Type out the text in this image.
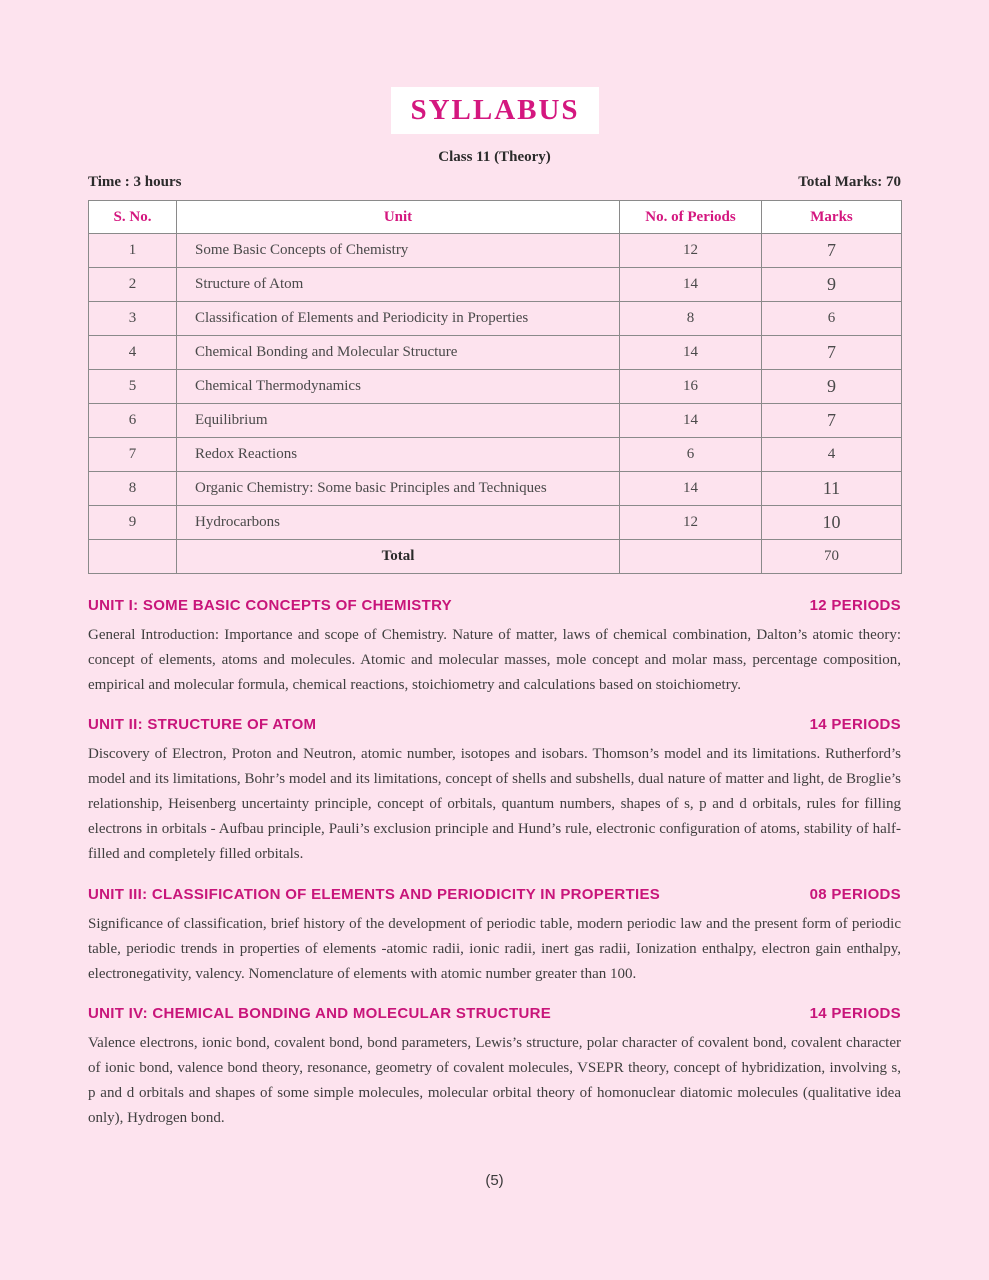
SYLLABUS
Class 11 (Theory)
Time : 3 hours	Total Marks: 70
S. No.	Unit	No. of Periods	Marks
1	Some Basic Concepts of Chemistry	12	7
2	Structure of Atom	14	9
3	Classification of Elements and Periodicity in Properties	8	6
4	Chemical Bonding and Molecular Structure	14	7
5	Chemical Thermodynamics	16	9
6	Equilibrium	14	7
7	Redox Reactions	6	4
8	Organic Chemistry: Some basic Principles and Techniques	14	11
9	Hydrocarbons	12	10
	Total		70
UNIT I: SOME BASIC CONCEPTS OF CHEMISTRY	12 PERIODS

General Introduction: Importance and scope of Chemistry. Nature of matter, laws of chemical combination, Dalton’s atomic theory: concept of elements, atoms and molecules. Atomic and molecular masses, mole concept and molar mass, percentage composition, empirical and molecular formula, chemical reactions, stoichiometry and calculations based on stoichiometry.

UNIT II: STRUCTURE OF ATOM	14 PERIODS

Discovery of Electron, Proton and Neutron, atomic number, isotopes and isobars. Thomson’s model and its limitations. Rutherford’s model and its limitations, Bohr’s model and its limitations, concept of shells and subshells, dual nature of matter and light, de Broglie’s relationship, Heisenberg uncertainty principle, concept of orbitals, quantum numbers, shapes of s, p and d orbitals, rules for filling electrons in orbitals - Aufbau principle, Pauli’s exclusion principle and Hund’s rule, electronic configuration of atoms, stability of half-filled and completely filled orbitals.

UNIT III: CLASSIFICATION OF ELEMENTS AND PERIODICITY IN PROPERTIES	08 PERIODS

Significance of classification, brief history of the development of periodic table, modern periodic law and the present form of periodic table, periodic trends in properties of elements -atomic radii, ionic radii, inert gas radii, Ionization enthalpy, electron gain enthalpy, electronegativity, valency. Nomenclature of elements with atomic number greater than 100.

UNIT IV: CHEMICAL BONDING AND MOLECULAR STRUCTURE	14 PERIODS

Valence electrons, ionic bond, covalent bond, bond parameters, Lewis’s structure, polar character of covalent bond, covalent character of ionic bond, valence bond theory, resonance, geometry of covalent molecules, VSEPR theory, concept of hybridization, involving s, p and d orbitals and shapes of some simple molecules, molecular orbital theory of homonuclear diatomic molecules (qualitative idea only), Hydrogen bond.

(5)
